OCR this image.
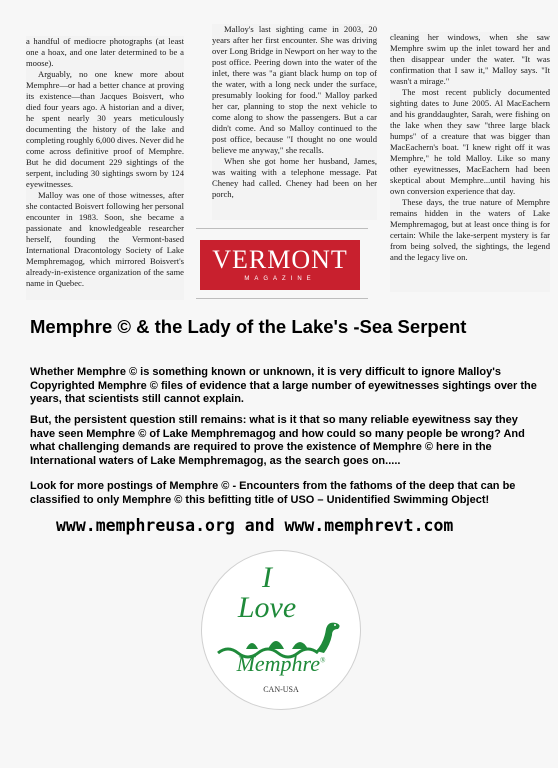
a handful of mediocre photographs (at least one a hoax, and one later determined to be a moose).

Arguably, no one knew more about Memphre—or had a better chance at proving its existence—than Jacques Boisvert, who died four years ago. A historian and a diver, he spent nearly 30 years meticulously documenting the history of the lake and completing roughly 6,000 dives. Never did he come across definitive proof of Memphre. But he did document 229 sightings of the serpent, including 30 sightings sworn by 124 eyewitnesses.

Malloy was one of those witnesses, after she contacted Boisvert following her personal encounter in 1983. Soon, she became a passionate and knowledgeable researcher herself, founding the Vermont-based International Dracontology Society of Lake Memphremagog, which mirrored Boisvert's already-in-existence organization of the same name in Quebec.

Malloy's last sighting came in 2003, 20 years after her first encounter. She was driving over Long Bridge in Newport on her way to the post office. Peering down into the water of the inlet, there was "a giant black hump on top of the water, with a long neck under the surface, presumably looking for food." Malloy parked her car, planning to stop the next vehicle to come along to show the passengers. But a car didn't come. And so Malloy continued to the post office, because "I thought no one would believe me anyway," she recalls.

When she got home her husband, James, was waiting with a telephone message. Pat Cheney had called. Cheney had been on her porch,

cleaning her windows, when she saw Memphre swim up the inlet toward her and then disappear under the water. "It was confirmation that I saw it," Malloy says. "It wasn't a mirage."

The most recent publicly documented sighting dates to June 2005. Al MacEachern and his granddaughter, Sarah, were fishing on the lake when they saw "three large black humps" of a creature that was bigger than MacEachern's boat. "I knew right off it was Memphre," he told Malloy. Like so many other eyewitnesses, MacEachern had been skeptical about Memphre...until having his own conversion experience that day.

These days, the true nature of Memphre remains hidden in the waters of Lake Memphremagog, but at least once thing is for certain: While the lake-serpent mystery is far from being solved, the sightings, the legend and the legacy live on.

VERMONT
MAGAZINE
Memphre © & the Lady of the Lake's -Sea Serpent

Whether Memphre © is something known or unknown, it is very difficult to ignore Malloy's Copyrighted Memphre © files of evidence that a large number of eyewitnesses sightings over the years, that scientists still cannot explain.

But, the persistent question still remains: what is it that so many reliable eyewitness say they have seen Memphre © of Lake Memphremagog and how could so many people be wrong? And what challenging demands are required to prove the existence of Memphre © here in the International waters of Lake Memphremagog, as the search goes on.....

Look for more postings of Memphre © - Encounters from the fathoms of the deep that can be classified to only Memphre © this befitting title of USO – Unidentified Swimming Object!

www.memphreusa.org and www.memphrevt.com
I
Love
Memphre®
CAN-USA
